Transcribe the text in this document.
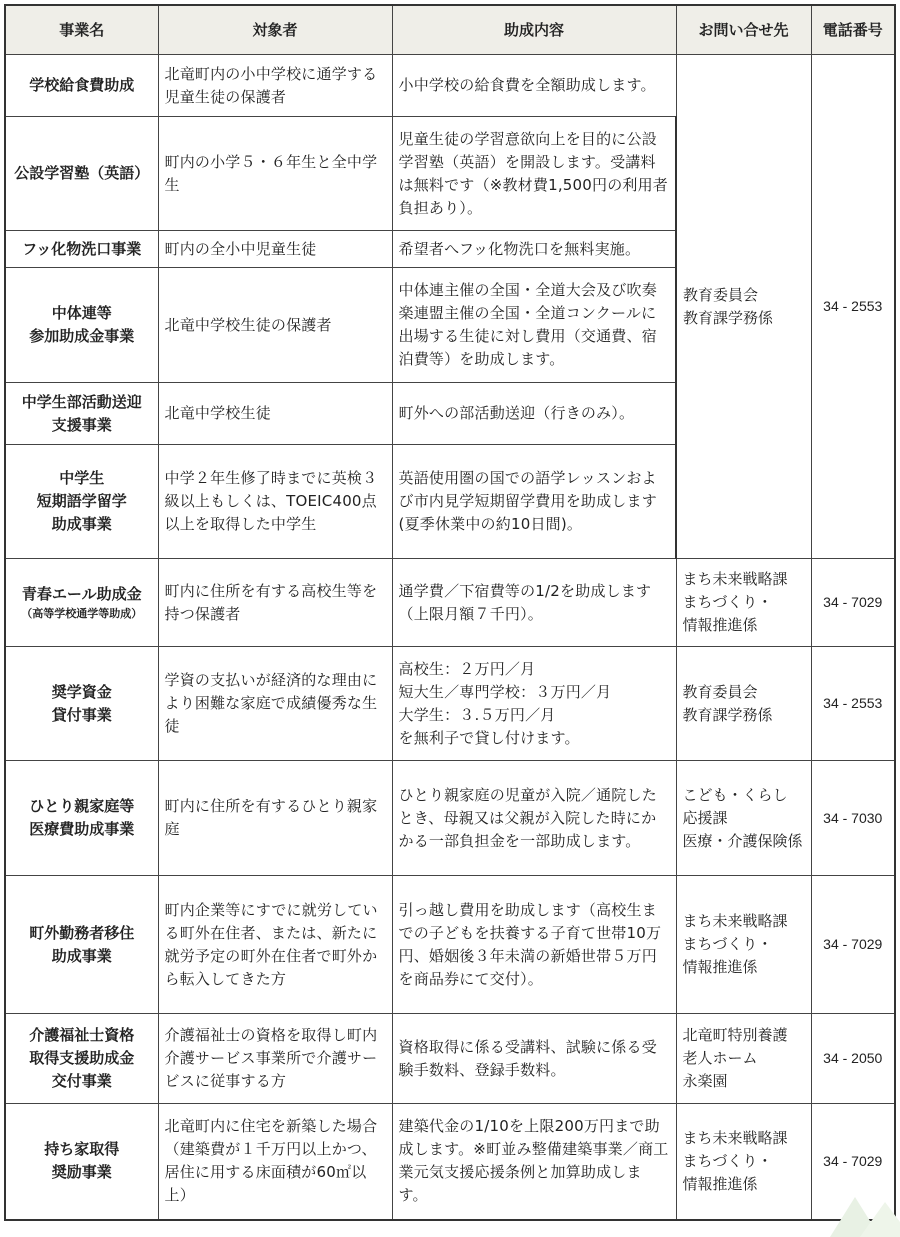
事業名	対象者	助成内容	お問い合せ先	電話番号
学校給食費助成	北竜町内の小中学校に通学する児童生徒の保護者	小中学校の給食費を全額助成します。	教育委員会
教育課学務係	34 - 2553
公設学習塾（英語）	町内の小学５・６年生と全中学生	児童生徒の学習意欲向上を目的に公設学習塾（英語）を開設します。受講料は無料です（※教材費1,500円の利用者負担あり）。		
フッ化物洗口事業	町内の全小中児童生徒	希望者へフッ化物洗口を無料実施。		

中体連等
参加助成金事業	北竜中学校生徒の保護者	中体連主催の全国・全道大会及び吹奏楽連盟主催の全国・全道コンクールに出場する生徒に対し費用（交通費、宿泊費等）を助成します。		

中学生部活動送迎
支援事業	北竜中学校生徒	町外への部活動送迎（行きのみ）。		

中学生
短期語学留学
助成事業	中学２年生修了時までに英検３級以上もしくは、TOEIC400点以上を取得した中学生	英語使用圏の国での語学レッスンおよび市内見学短期留学費用を助成します(夏季休業中の約10日間)。		

青春エール助成金
（高等学校通学等助成）	町内に住所を有する高校生等を持つ保護者	通学費／下宿費等の1/2を助成します（上限月額７千円）。	まち未来戦略課
まちづくり・
情報推進係	34 - 7029

奨学資金
貸付事業	学資の支払いが経済的な理由により困難な家庭で成績優秀な生徒	高校生：２万円／月
短大生／専門学校：３万円／月
大学生：３.５万円／月
を無利子で貸し付けます。	教育委員会
教育課学務係	34 - 2553

ひとり親家庭等
医療費助成事業	町内に住所を有するひとり親家庭	ひとり親家庭の児童が入院／通院したとき、母親又は父親が入院した時にかかる一部負担金を一部助成します。	こども・くらし
応援課
医療・介護保険係	34 - 7030

町外勤務者移住
助成事業	町内企業等にすでに就労している町外在住者、または、新たに就労予定の町外在住者で町外から転入してきた方	引っ越し費用を助成します（高校生までの子どもを扶養する子育て世帯10万円、婚姻後３年未満の新婚世帯５万円を商品券にて交付）。	まち未来戦略課
まちづくり・
情報推進係	34 - 7029

介護福祉士資格
取得支援助成金
交付事業	介護福祉士の資格を取得し町内介護サービス事業所で介護サービスに従事する方	資格取得に係る受講料、試験に係る受験手数料、登録手数料。	北竜町特別養護
老人ホーム
永楽園	34 - 2050

持ち家取得
奨励事業	北竜町内に住宅を新築した場合（建築費が１千万円以上かつ、居住に用する床面積が60㎡以上）	建築代金の1/10を上限200万円まで助成します。※町並み整備建築事業／商工業元気支援応援条例と加算助成します。	まち未来戦略課
まちづくり・
情報推進係	34 - 7029
